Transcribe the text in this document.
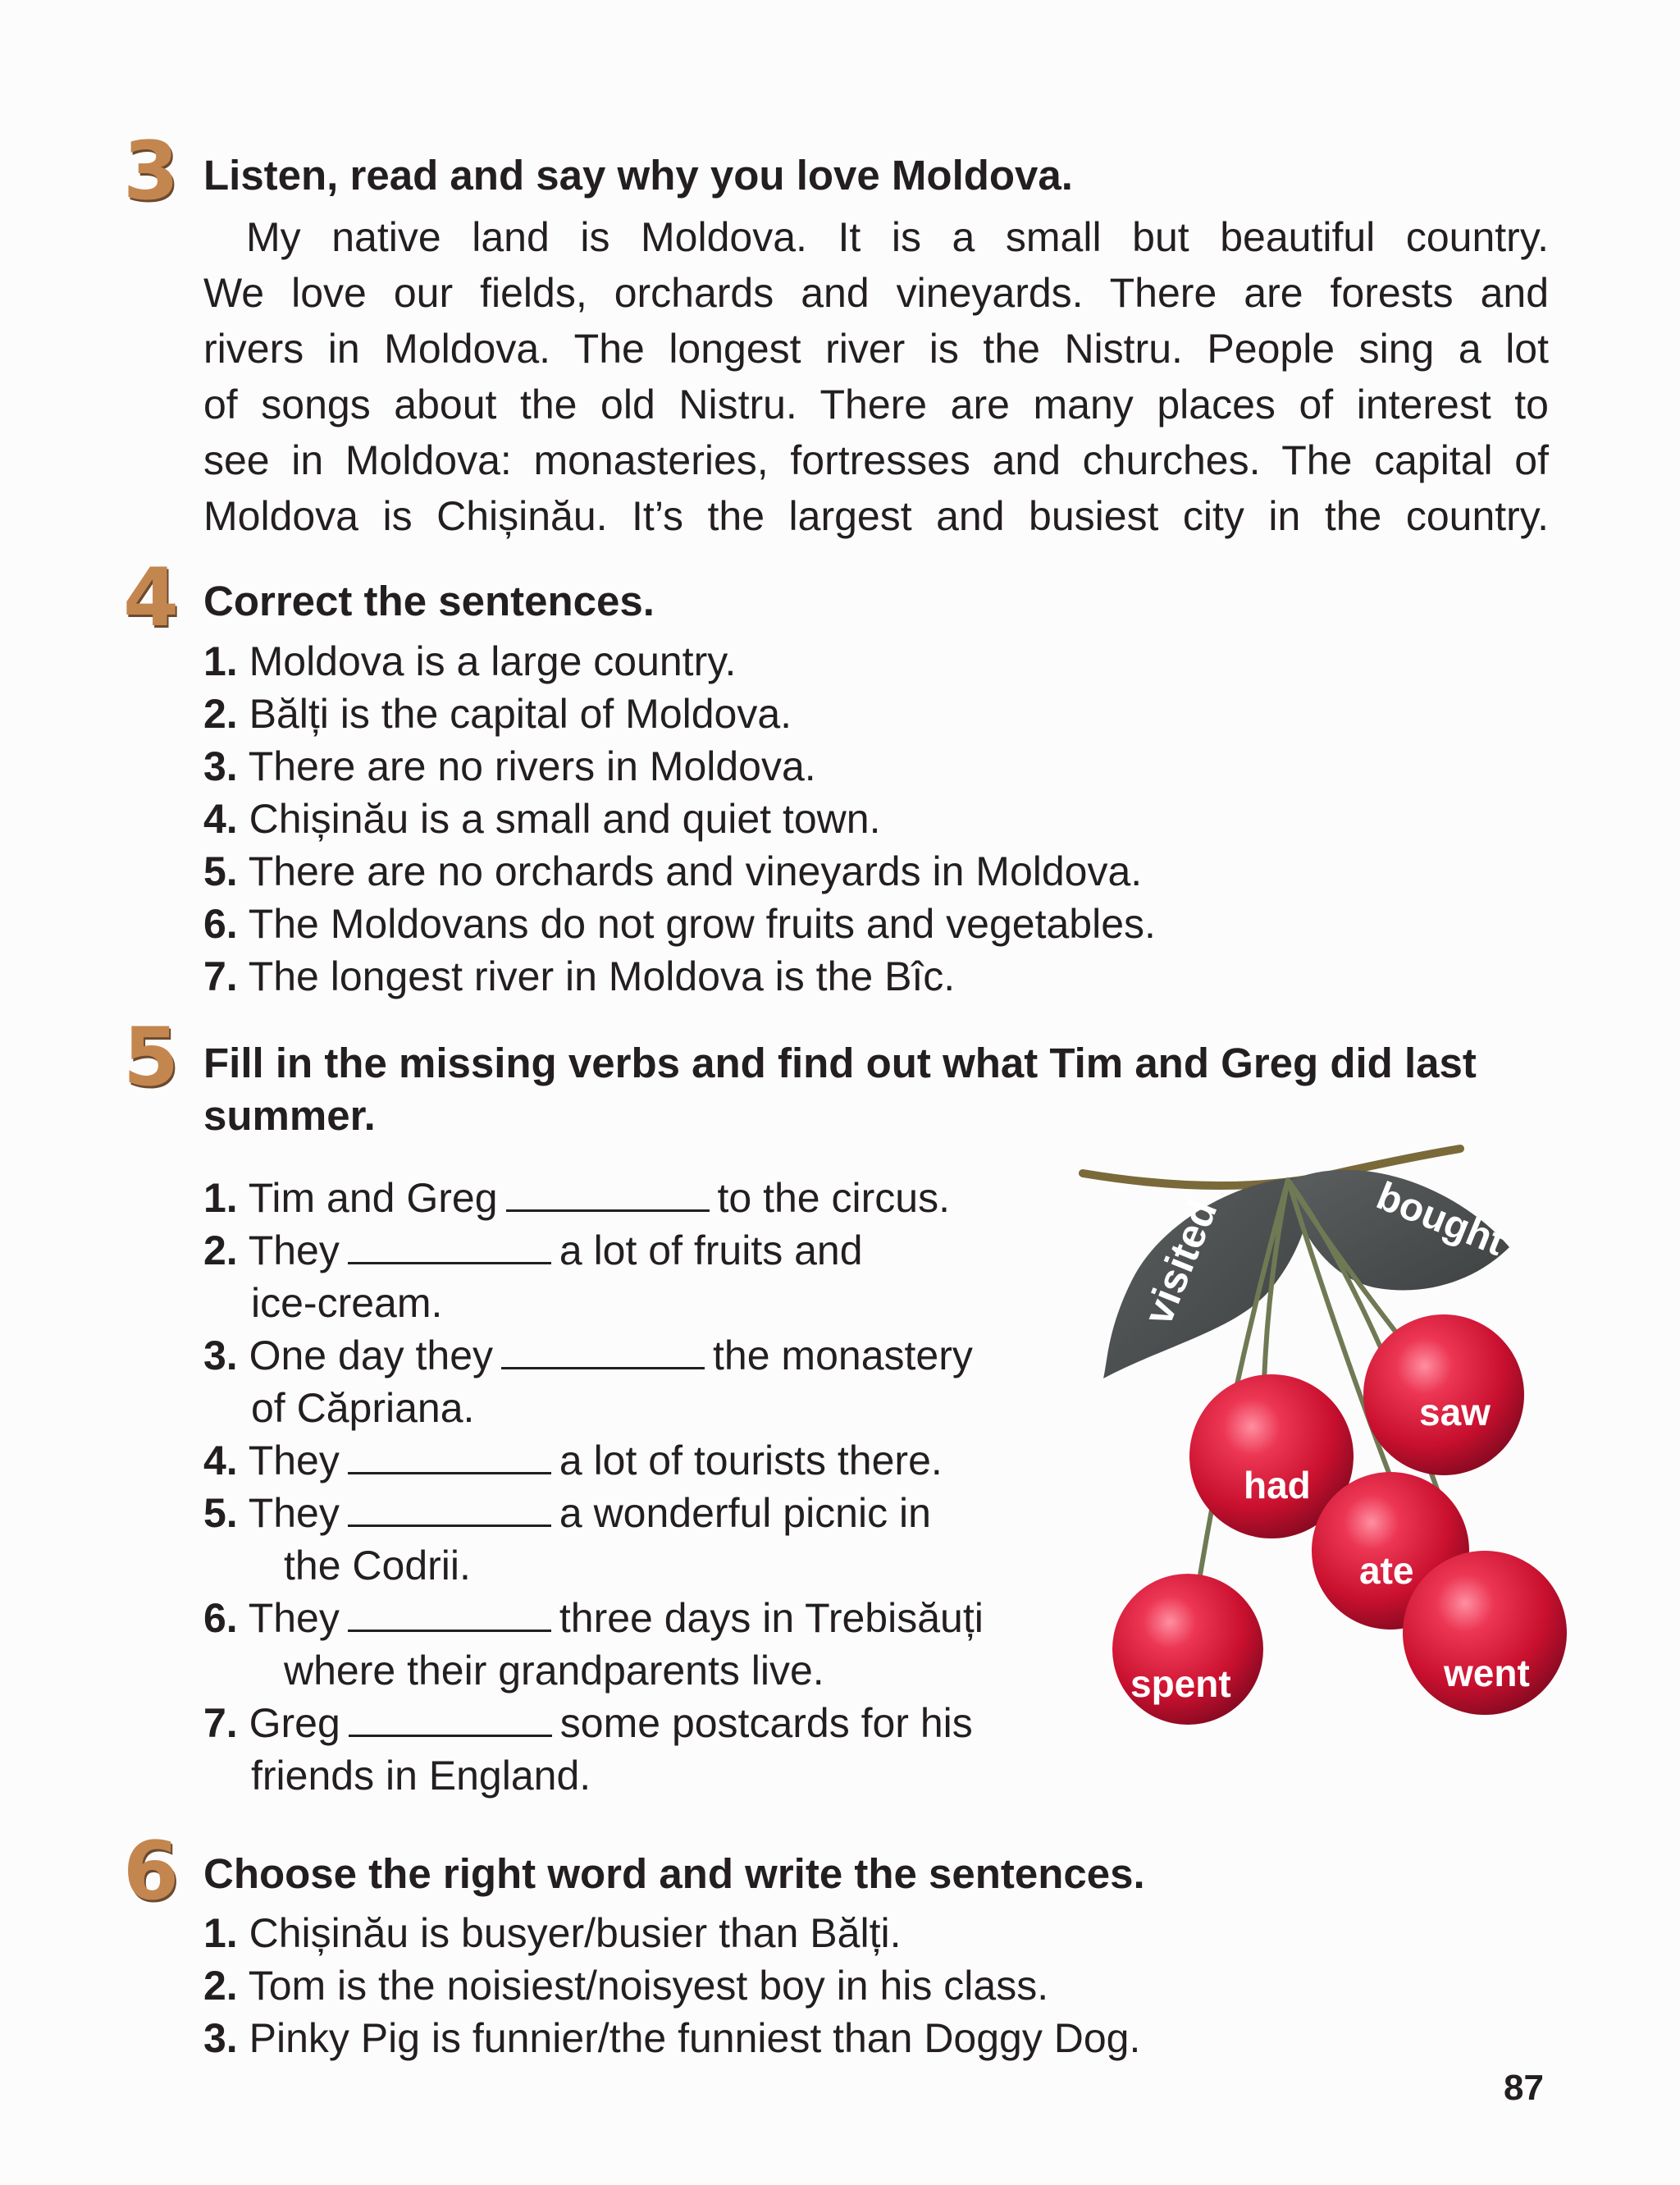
3 Listen, read and say why you love Moldova.
My native land is Moldova. It is a small but beautiful country.
We love our fields, orchards and vineyards. There are forests and
rivers in Moldova. The longest river is the Nistru. People sing a lot
of songs about the old Nistru. There are many places of interest to
see in Moldova: monasteries, fortresses and churches. The capital of
Moldova is Chișinău. It’s the largest and busiest city in the country.
4 Correct the sentences.
1. Moldova is a large country.
2. Bălți is the capital of Moldova.
3. There are no rivers in Moldova.
4. Chișinău is a small and quiet town.
5. There are no orchards and vineyards in Moldova.
6. The Moldovans do not grow fruits and vegetables.
7. The longest river in Moldova is the Bîc.
5 Fill in the missing verbs and find out what Tim and Greg did last
summer.
1. Tim and Greg	to the circus.
2. They	a lot of fruits and
ice-cream.
3. One day they	the monastery
of Căpriana.
4. They	a lot of tourists there.
5. They	a wonderful picnic in
the Codrii.
6. They	three days in Trebisăuți
where their grandparents live.
7. Greg	some postcards for his
friends in England.
visited	bought
saw
had
ate
spent	went
6 Choose the right word and write the sentences.
1. Chișinău is busyer/busier than Bălți.
2. Tom is the noisiest/noisyest boy in his class.
3. Pinky Pig is funnier/the funniest than Doggy Dog.
87
